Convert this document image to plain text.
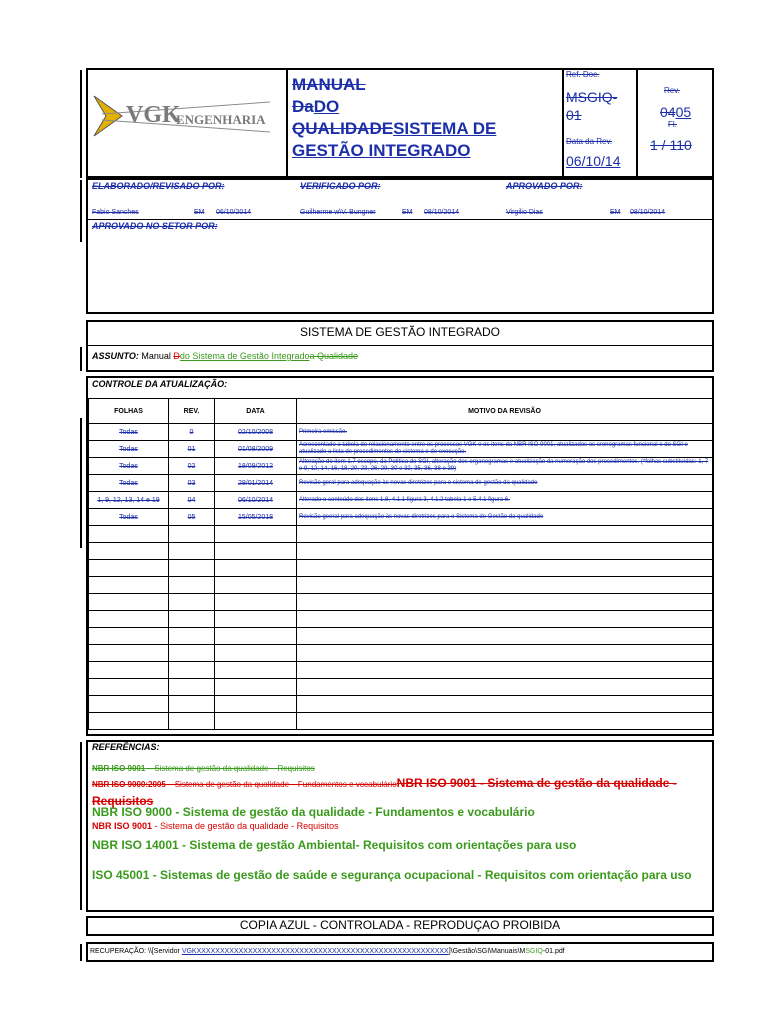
VGK
ENGENHARIA
MANUAL
DaDO
QUALIDADESISTEMA DE
GESTÃO INTEGRADO
Ref. Doc.
MSGIQ-01
Data da Rev.
06/10/14
Rev.
0405
Fl.
1 / 110
ELABORADO/REVISADO POR:	VERIFICADO POR:	APROVADO POR:
Fabio Sanches	EM 06/10/2014	Guilherme w\V. Bungner	EM 08/10/2014	Virgilio Dias	EM 08/10/2014
APROVADO NO SETOR POR:
SISTEMA DE GESTÃO INTEGRADO
ASSUNTO: Manual Ddo Sistema de Gestão Integradoa Qualidade
CONTROLE DA ATUALIZAÇÃO:
FOLHAS	REV.	DATA	MOTIVO DA REVISÃO
Todas	0	02/10/2008	Primeira emissão.
Todas	01	01/08/2009	Acrescentado a tabela de relacionamento entre os processos VGK e os itens da NBR ISO 9001, atualizados os cronogramas funcional e do SGI e atualizado a lista de procedimentos de sistema e de execução.
Todas	02	18/09/2012	Alteração do item 1.7 escopo, da Política do SGI, alteração dos organogramas e atualização da numeração dos procedimentos. (*folhas substituídas: 1, 7 e 9, 12, 14, 16, 18, 20, 23, 26, 29, 30 e 32, 35, 36, 38 e 39)
Todas	03	28/01/2014	Revisão geral para adequação às novas diretrizes para o sistema de gestão da qualidade
1, 9, 12, 13, 14 e 19	04	06/10/2014	Alterado o conteúdo dos itens 1.8, 4.1.1 figura 3, 4.1.2 tabela 1 e 5.4.1 figura 6.
Todas	05	15/05/2018	Revisão geeral para adequação às novas diretrizes para o Sistema de Gestão da qualidade

REFERÊNCIAS:
NBR ISO 9001 – Sistema de gestão da qualidade – Requisitos
NBR ISO 9000:2005 – Sistema de gestão da qualidade – Fundamentos e vocabulárioNBR ISO 9001 - Sistema de gestão da qualidade - Requisitos
NBR ISO 9000 - Sistema de gestão da qualidade - Fundamentos e vocabulário
NBR ISO 9001 - Sistema de gestão da qualidade - Requisitos
NBR ISO 14001 - Sistema de gestão Ambiental- Requisitos com orientações para uso
ISO 45001 - Sistemas de gestão de saúde e segurança ocupacional - Requisitos com orientação para uso
COPIA AZUL - CONTROLADA - REPRODUÇAO PROIBIDA
RECUPERAÇÃO: \\[Servidor VGKXXXXXXXXXXXXXXXXXXXXXXXXXXXXXXXXXXXXXXXXXXXXXXXXXXXXXX]\Gestão\SGI\Manuais\MSGIQ-01.pdf
